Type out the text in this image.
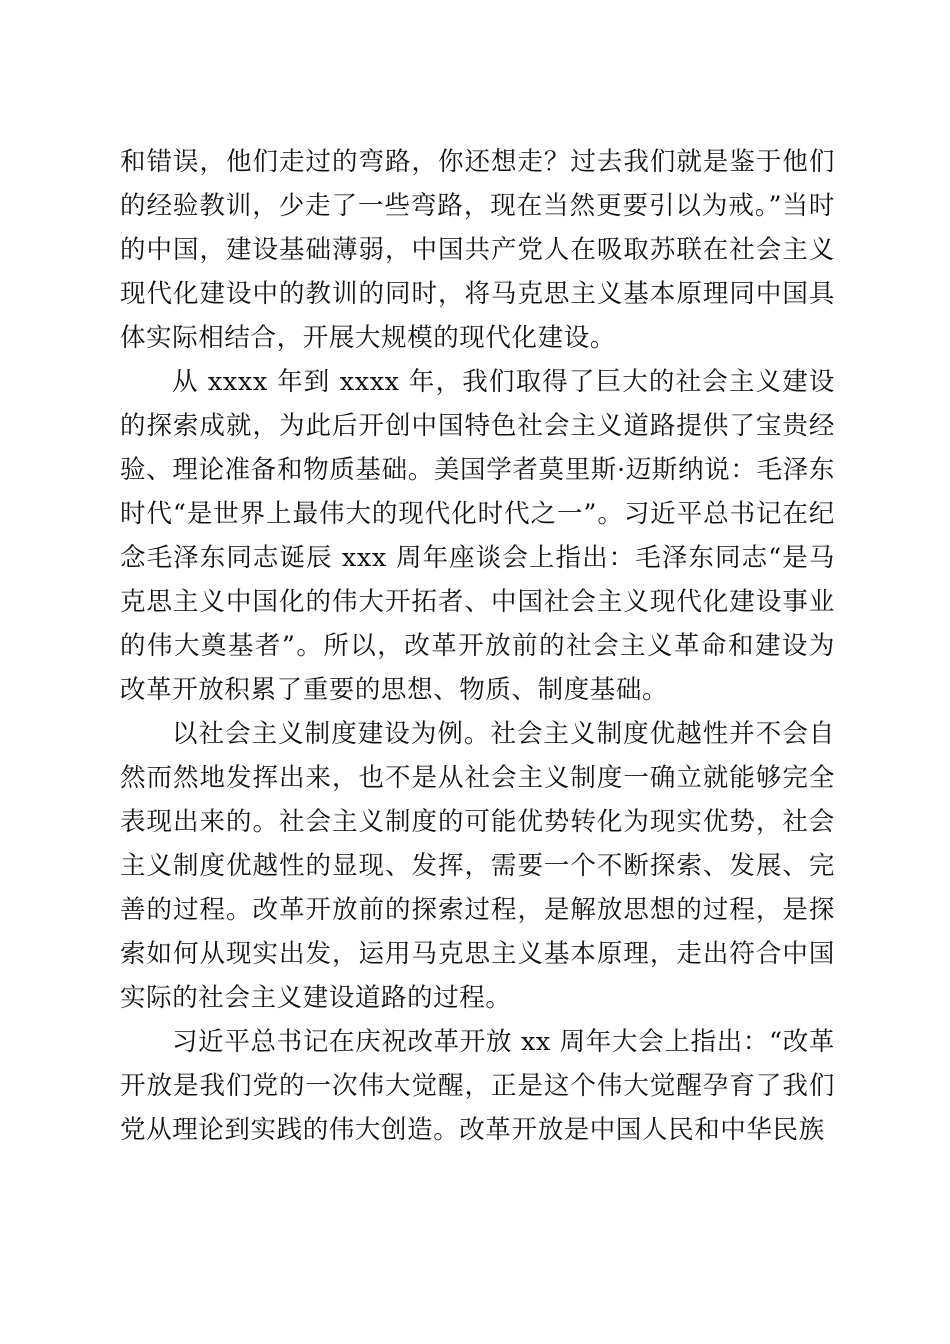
和错误，他们走过的弯路，你还想走？过去我们就是鉴于他们的经验教训，少走了一些弯路，现在当然更要引以为戒。”当时的中国，建设基础薄弱，中国共产党人在吸取苏联在社会主义现代化建设中的教训的同时，将马克思主义基本原理同中国具体实际相结合，开展大规模的现代化建设。

从 xxxx 年到 xxxx 年，我们取得了巨大的社会主义建设的探索成就，为此后开创中国特色社会主义道路提供了宝贵经验、理论准备和物质基础。美国学者莫里斯·迈斯纳说：毛泽东时代“是世界上最伟大的现代化时代之一”。习近平总书记在纪念毛泽东同志诞辰 xxx 周年座谈会上指出：毛泽东同志“是马克思主义中国化的伟大开拓者、中国社会主义现代化建设事业的伟大奠基者”。所以，改革开放前的社会主义革命和建设为改革开放积累了重要的思想、物质、制度基础。

以社会主义制度建设为例。社会主义制度优越性并不会自然而然地发挥出来，也不是从社会主义制度一确立就能够完全表现出来的。社会主义制度的可能优势转化为现实优势，社会主义制度优越性的显现、发挥，需要一个不断探索、发展、完善的过程。改革开放前的探索过程，是解放思想的过程，是探索如何从现实出发，运用马克思主义基本原理，走出符合中国实际的社会主义建设道路的过程。

习近平总书记在庆祝改革开放 xx 周年大会上指出：“改革开放是我们党的一次伟大觉醒，正是这个伟大觉醒孕育了我们党从理论到实践的伟大创造。改革开放是中国人民和中华民族
